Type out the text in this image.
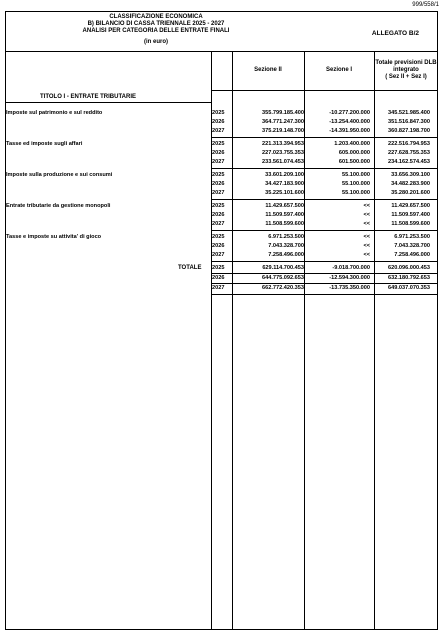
999/558/1
CLASSIFICAZIONE ECONOMICA
B) BILANCIO DI CASSA TRIENNALE 2025 - 2027
ANALISI PER CATEGORIA DELLE ENTRATE FINALI
(in euro)
ALLEGATO B/2
Sezione II	Sezione I
Totale previsioni DLB
integrato
( Sez II + Sez I)
TITOLO I - ENTRATE TRIBUTARIE
Imposte sul patrimonio e sul reddito	2025	355.799.185.400	-10.277.200.000	345.521.985.400
2026	364.771.247.300	-13.254.400.000	351.516.847.300
2027	375.219.148.700	-14.391.950.000	360.827.198.700
Tasse ed imposte sugli affari	2025	221.313.394.953	1.203.400.000	222.516.794.953
2026	227.023.755.353	605.000.000	227.628.755.353
2027	233.561.074.453	601.500.000	234.162.574.453
Imposte sulla produzione e sui consumi	2025	33.601.209.100	55.100.000	33.656.309.100
2026	34.427.183.900	55.100.000	34.482.283.900
2027	35.225.101.600	55.100.000	35.280.201.600
Entrate tributarie da gestione monopoli	2025	11.429.657.500	<<	11.429.657.500
2026	11.509.597.400	<<	11.509.597.400
2027	11.508.599.600	<<	11.508.599.600
Tasse e imposte su attivita' di gioco	2025	6.971.253.500	<<	6.971.253.500
2026	7.043.328.700	<<	7.043.328.700
2027	7.258.496.000	<<	7.258.496.000
TOTALE 2025	629.114.700.453	-9.018.700.000	620.096.000.453
2026	644.775.092.653	-12.594.300.000	632.180.792.653
2027	662.772.420.353	-13.735.350.000	649.037.070.353
